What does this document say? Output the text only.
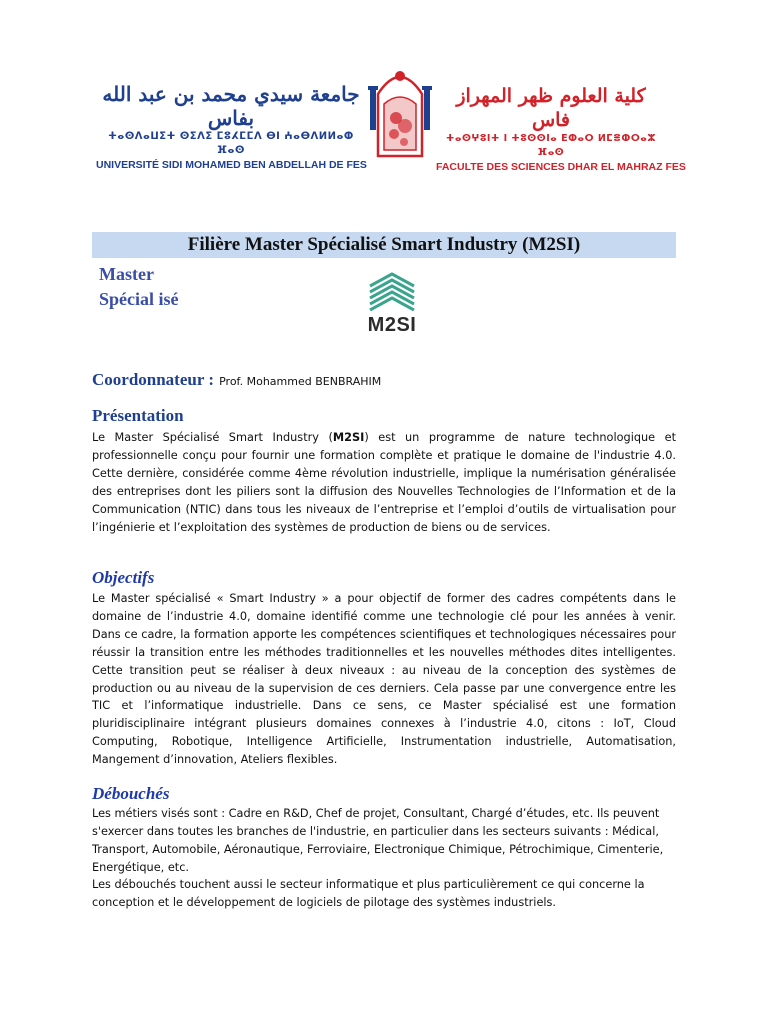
جامعة سيدي محمد بن عبد الله بفاس
ⵜⴰⵙⴷⴰⵡⵉⵜ ⵙⵉⴷⵉ ⵎⵓⵃⵎⵎⴷ ⴱⵏ ⵄⴰⴱⴷⵍⵍⴰⵀ ⴼⴰⵙ
UNIVERSITÉ SIDI MOHAMED BEN ABDELLAH DE FES
كلية العلوم ظهر المهراز فاس
ⵜⴰⵙⵖⵓⵏⵜ ⵏ ⵜⵓⵙⵙⵏⴰ ⴹⵀⴰⵔ ⵍⵎⴻⵀⵔⴰⵣ ⴼⴰⵙ
FACULTE DES SCIENCES DHAR EL MAHRAZ FES
Filière Master Spécialisé Smart Industry (M2SI)
Master Spécial isé
M2SI
Coordonnateur : Prof. Mohammed BENBRAHIM
Présentation

Le Master Spécialisé Smart Industry (M2SI) est un programme de nature technologique et professionnelle conçu pour fournir une formation complète et pratique le domaine de l'industrie 4.0. Cette dernière, considérée comme 4ème révolution industrielle, implique la numérisation généralisée des entreprises dont les piliers sont la diffusion des Nouvelles Technologies de l’Information et de la Communication (NTIC) dans tous les niveaux de l’entreprise et l’emploi d’outils de virtualisation pour l’ingénierie et l’exploitation des systèmes de production de biens ou de services.

Objectifs

Le Master spécialisé « Smart Industry » a pour objectif de former des cadres compétents dans le domaine de l’industrie 4.0, domaine identifié comme une technologie clé pour les années à venir. Dans ce cadre, la formation apporte les compétences scientifiques et technologiques nécessaires pour réussir la transition entre les méthodes traditionnelles et les nouvelles méthodes dites intelligentes. Cette transition peut se réaliser à deux niveaux : au niveau de la conception des systèmes de production ou au niveau de la supervision de ces derniers. Cela passe par une convergence entre les TIC et l’informatique industrielle. Dans ce sens, ce Master spécialisé est une formation pluridisciplinaire intégrant plusieurs domaines connexes à l’industrie 4.0, citons : IoT, Cloud Computing, Robotique, Intelligence Artificielle, Instrumentation industrielle, Automatisation, Mangement d’innovation, Ateliers flexibles.

Débouchés

Les métiers visés sont : Cadre en R&D, Chef de projet, Consultant, Chargé d’études, etc. Ils peuvent s'exercer dans toutes les branches de l'industrie, en particulier dans les secteurs suivants : Médical, Transport, Automobile, Aéronautique, Ferroviaire, Electronique Chimique, Pétrochimique, Cimenterie, Energétique, etc.

Les débouchés touchent aussi le secteur informatique et plus particulièrement ce qui concerne la conception et le développement de logiciels de pilotage des systèmes industriels.
